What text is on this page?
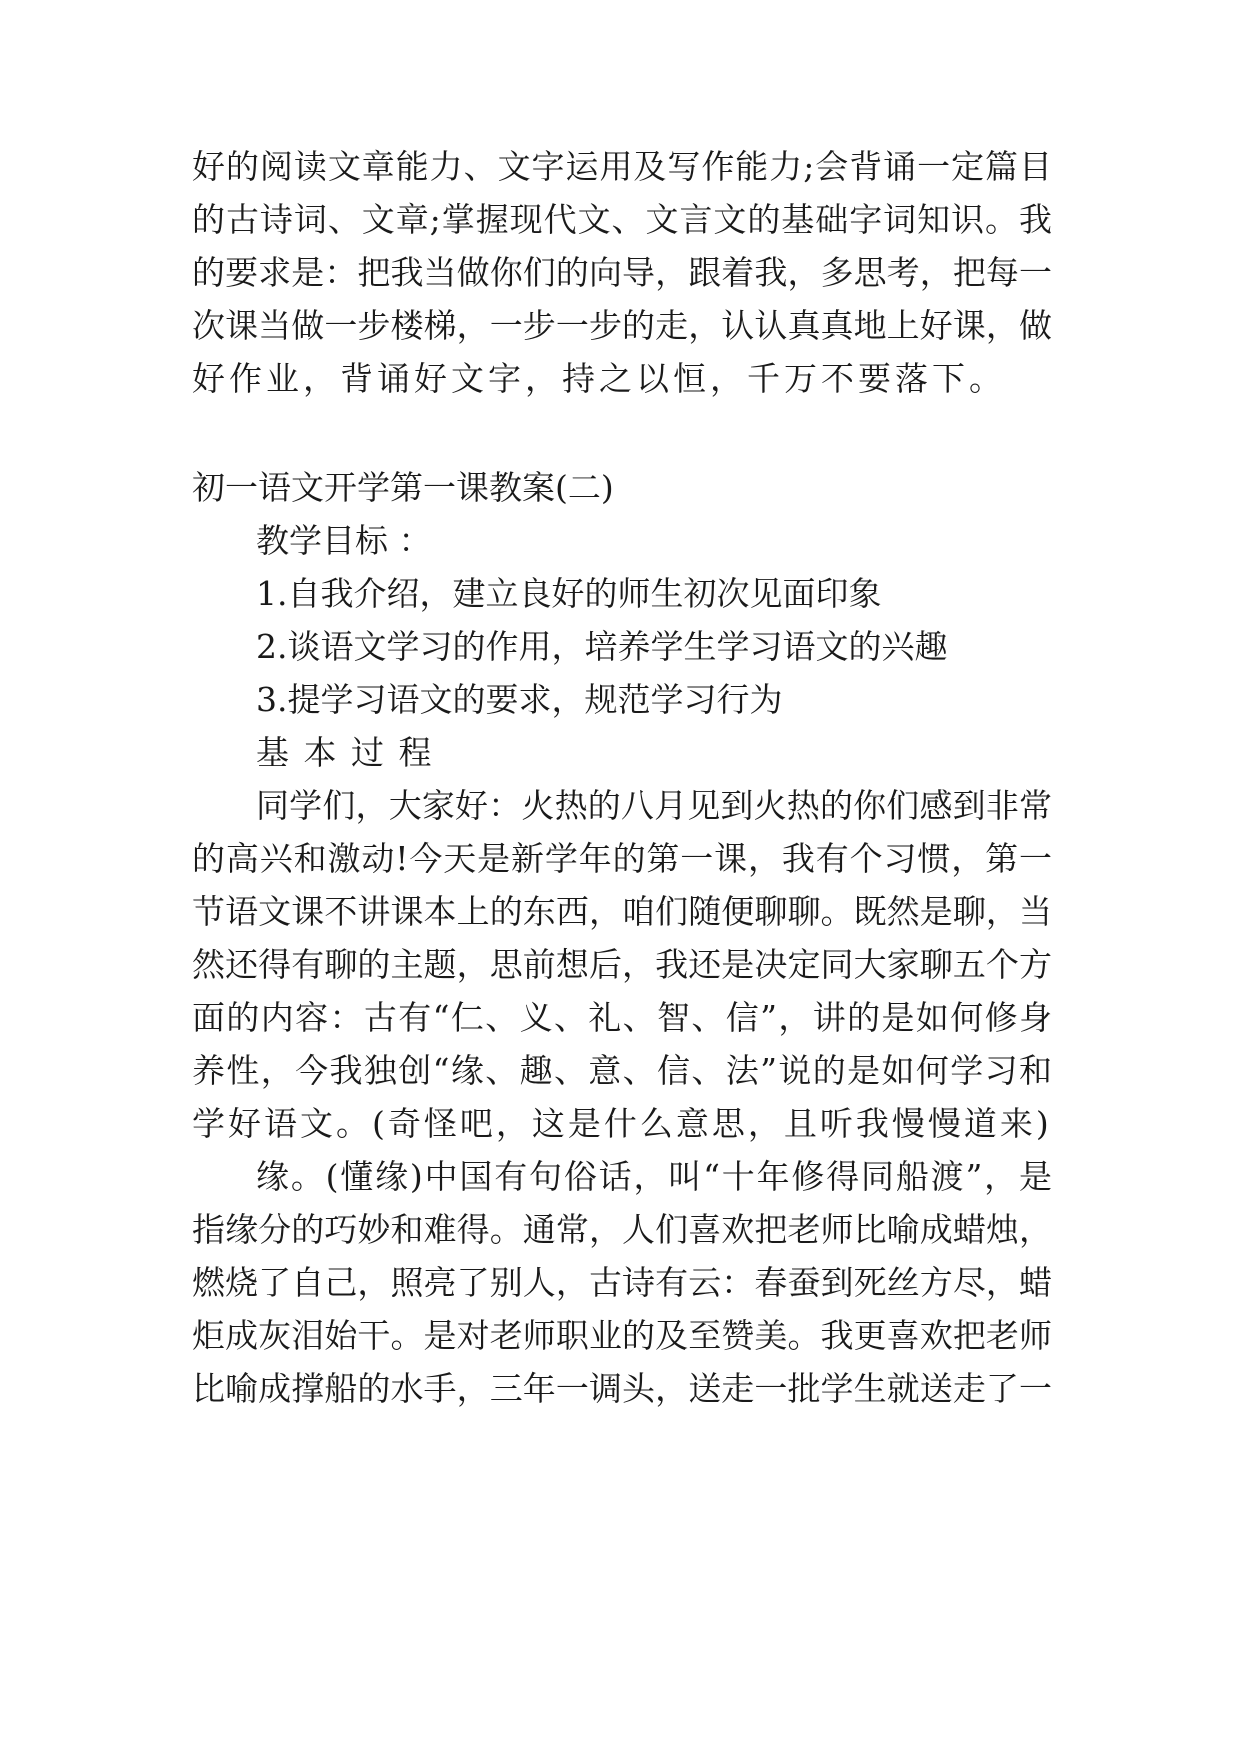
好的阅读文章能力、文字运用及写作能力;会背诵一定篇目
的古诗词、文章;掌握现代文、文言文的基础字词知识。我
的要求是：把我当做你们的向导，跟着我，多思考，把每一
次课当做一步楼梯，一步一步的走，认认真真地上好课，做
好作业，背诵好文字，持之以恒，千万不要落下。
初一语文开学第一课教案(二)
教学目标 ：
1.自我介绍，建立良好的师生初次见面印象
2.谈语文学习的作用，培养学生学习语文的兴趣
3.提学习语文的要求，规范学习行为
基 本 过 程
同学们，大家好：火热的八月见到火热的你们感到非常
的高兴和激动!今天是新学年的第一课，我有个习惯，第一
节语文课不讲课本上的东西，咱们随便聊聊。既然是聊，当
然还得有聊的主题，思前想后，我还是决定同大家聊五个方
面的内容：古有“仁、义、礼、智、信”，讲的是如何修身
养性，今我独创“缘、趣、意、信、法”说的是如何学习和
学好语文。(奇怪吧，这是什么意思，且听我慢慢道来)
缘。(懂缘)中国有句俗话，叫“十年修得同船渡”，是
指缘分的巧妙和难得。通常，人们喜欢把老师比喻成蜡烛，
燃烧了自己，照亮了别人，古诗有云：春蚕到死丝方尽，蜡
炬成灰泪始干。是对老师职业的及至赞美。我更喜欢把老师
比喻成撑船的水手，三年一调头，送走一批学生就送走了一
